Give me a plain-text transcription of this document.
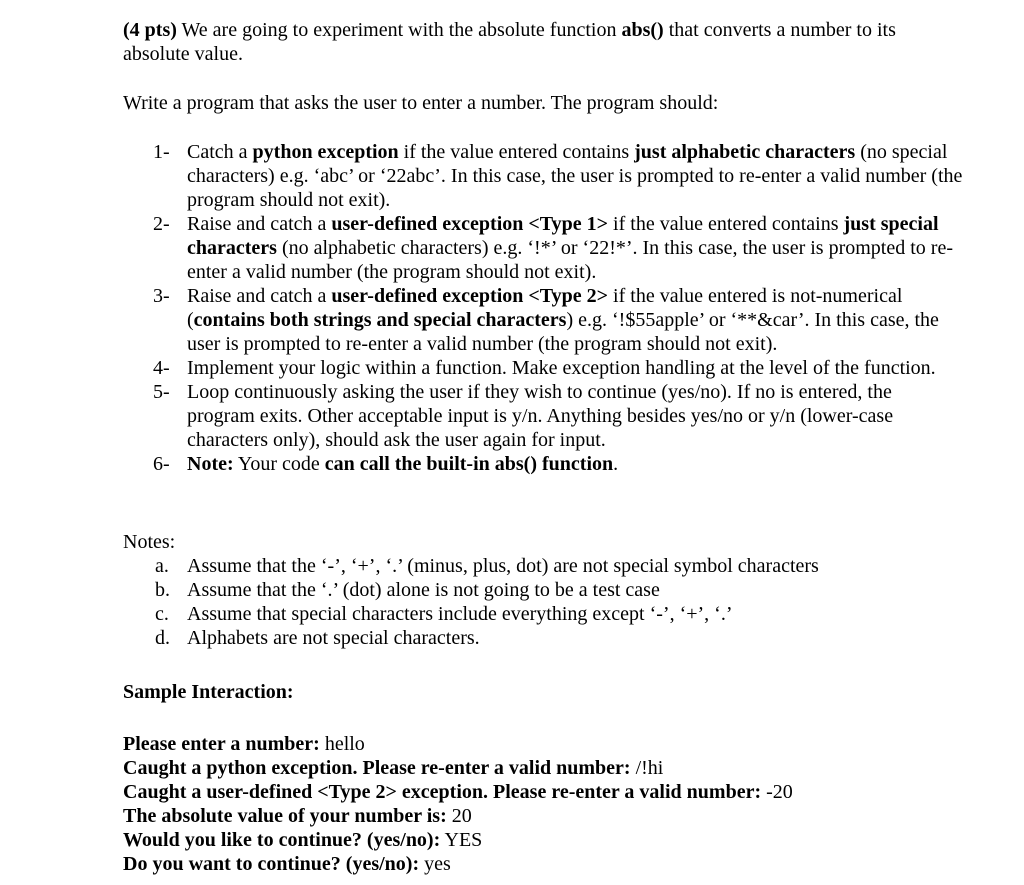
(4 pts) We are going to experiment with the absolute function abs() that converts a number to its absolute value.

Write a program that asks the user to enter a number. The program should:

1- Catch a python exception if the value entered contains just alphabetic characters (no special characters) e.g. ‘abc’ or ‘22abc’. In this case, the user is prompted to re-enter a valid number (the program should not exit).
2- Raise and catch a user-defined exception <Type 1> if the value entered contains just special characters (no alphabetic characters) e.g. ‘!*’ or ‘22!*’. In this case, the user is prompted to re-enter a valid number (the program should not exit).
3- Raise and catch a user-defined exception <Type 2> if the value entered is not-numerical (contains both strings and special characters) e.g. ‘!$55apple’ or ‘**&car’. In this case, the user is prompted to re-enter a valid number (the program should not exit).
4- Implement your logic within a function. Make exception handling at the level of the function.
5- Loop continuously asking the user if they wish to continue (yes/no). If no is entered, the program exits. Other acceptable input is y/n. Anything besides yes/no or y/n (lower-case characters only), should ask the user again for input.
6- Note: Your code can call the built-in abs() function.

Notes:

a. Assume that the ‘-’, ‘+’, ‘.’ (minus, plus, dot) are not special symbol characters
b. Assume that the ‘.’ (dot) alone is not going to be a test case
c. Assume that special characters include everything except ‘-’, ‘+’, ‘.’
d. Alphabets are not special characters.

Sample Interaction:

Please enter a number: hello

Caught a python exception. Please re-enter a valid number: /!hi

Caught a user-defined <Type 2> exception. Please re-enter a valid number: -20

The absolute value of your number is: 20

Would you like to continue? (yes/no): YES

Do you want to continue? (yes/no): yes
